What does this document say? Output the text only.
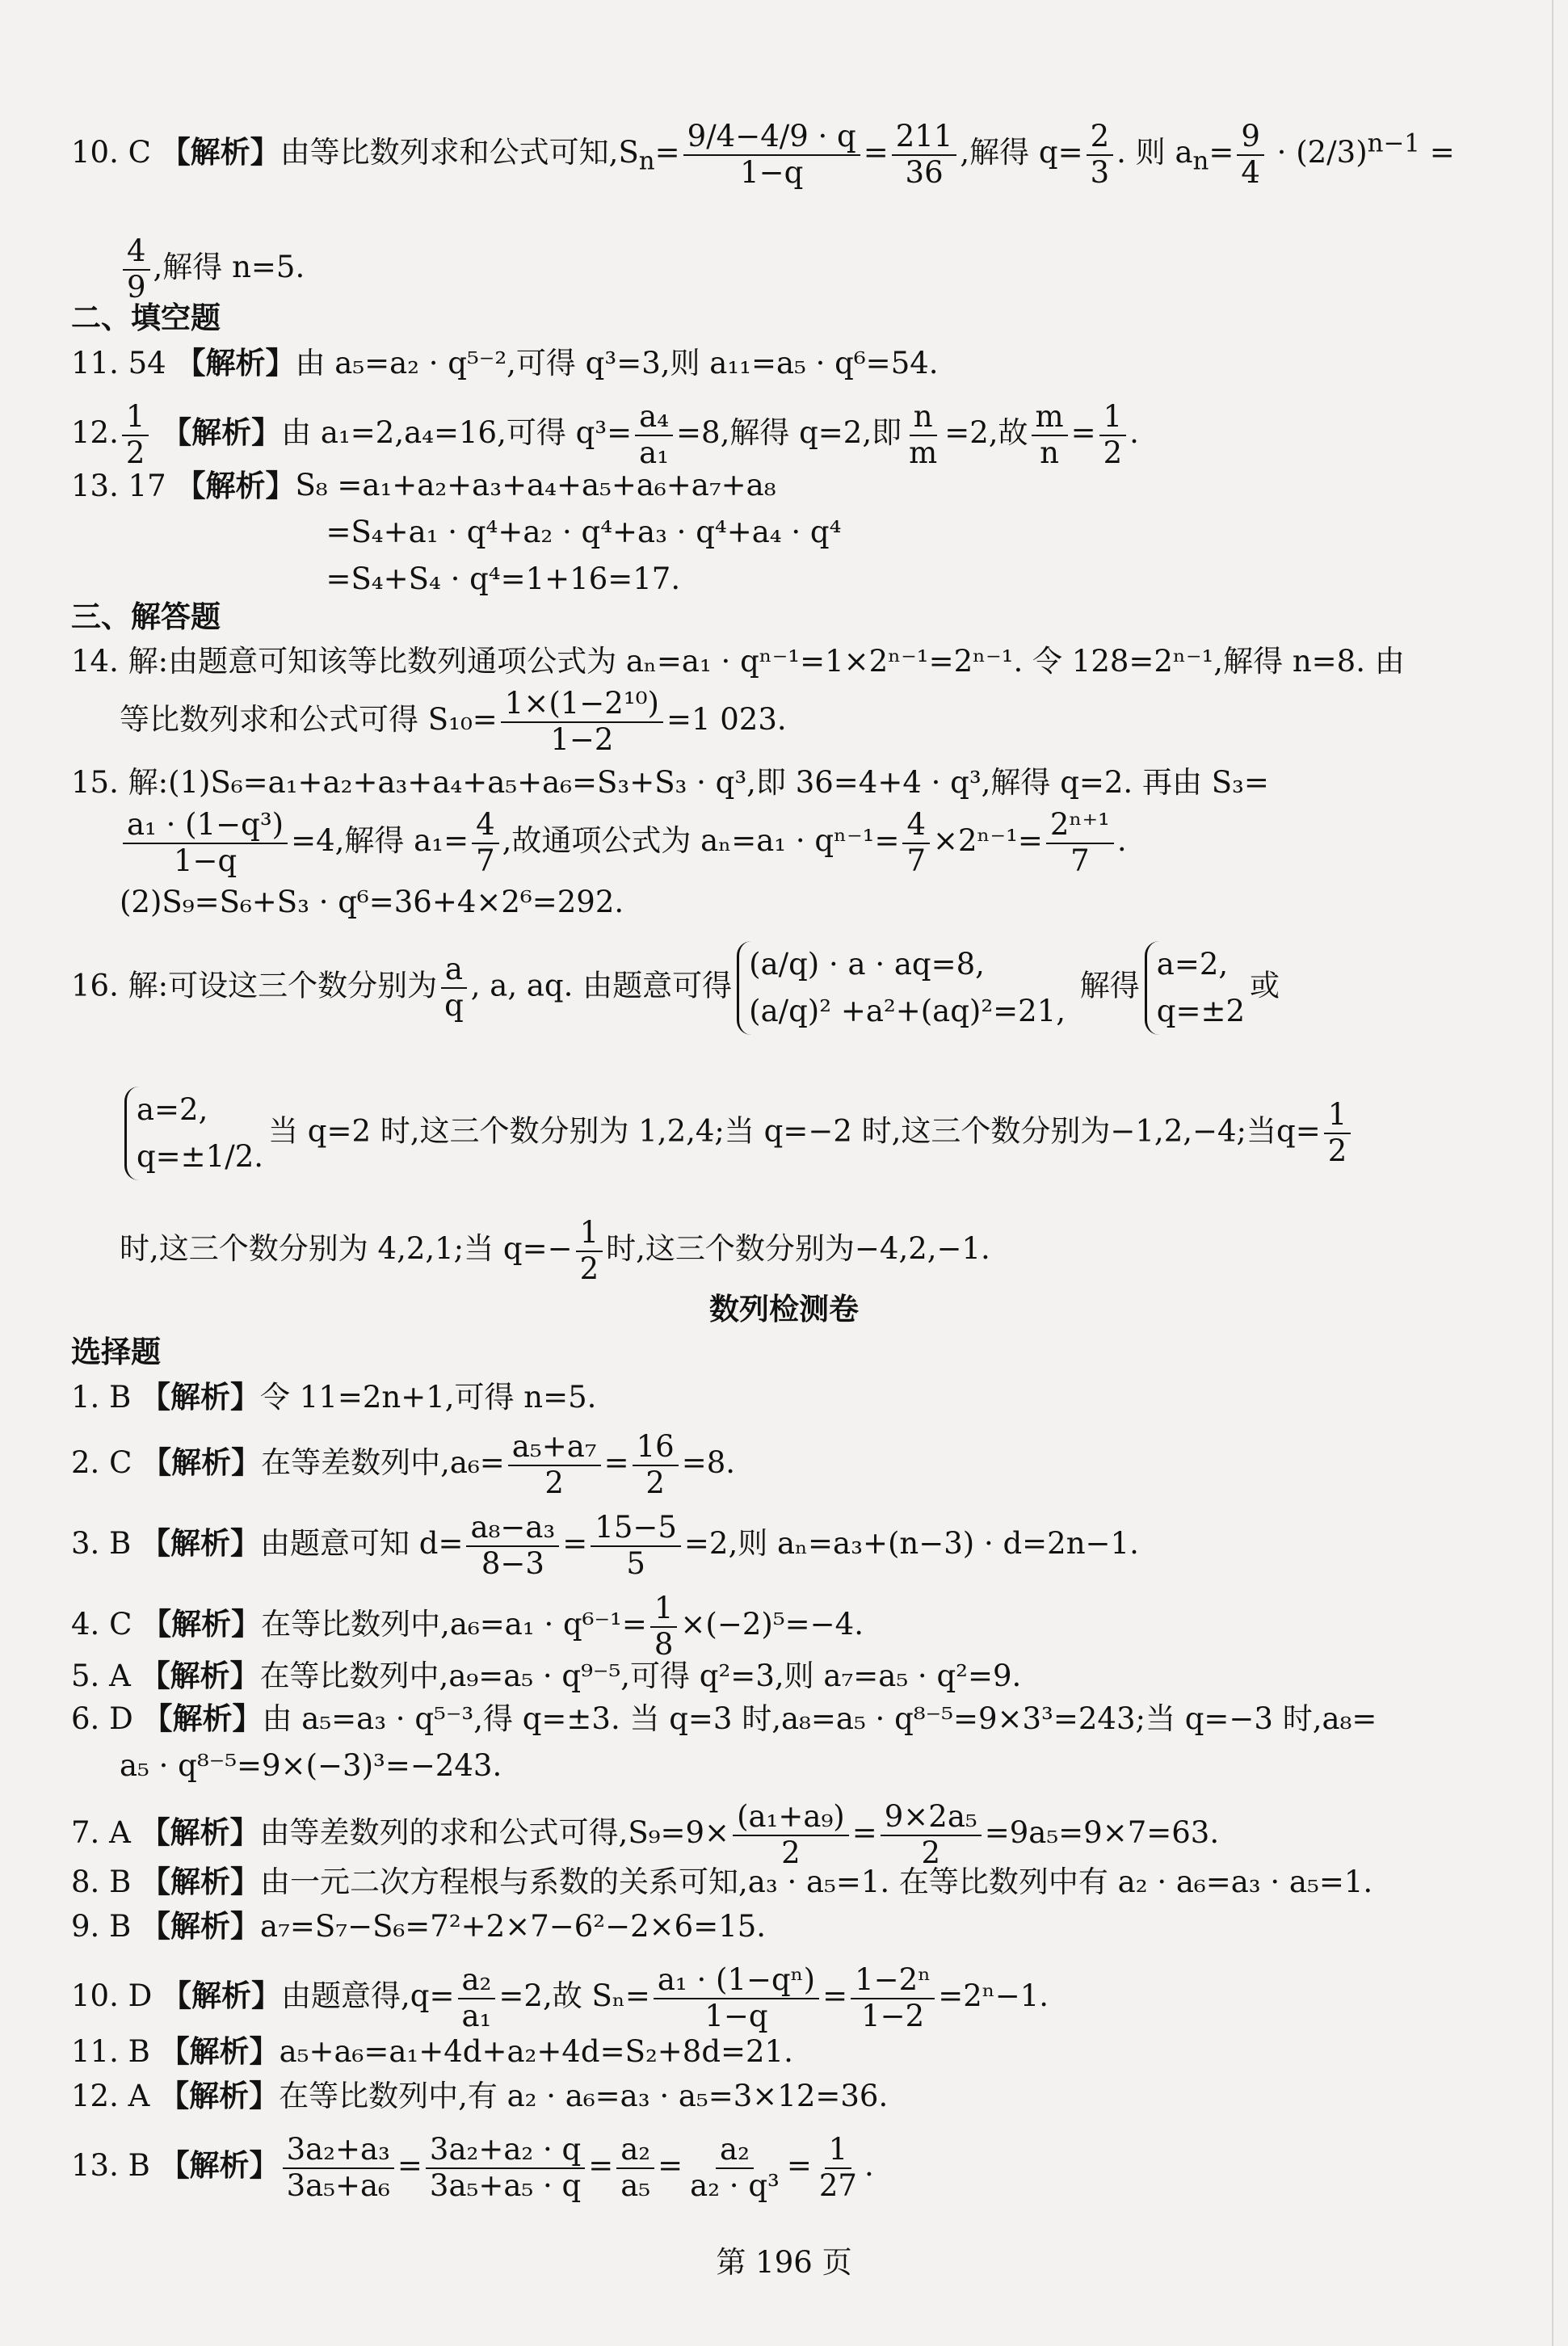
10. C 【解析】由等比数列求和公式可知$,S_n= \frac{9/4-4/9 \cdot q}{1-q} = \frac{211}{36}$ ,解得 $q= \frac{2}{3}$ . 则 $a_n= \frac{9}{4} \cdot (2/3)^{n-1}$ =
$\frac{4}{9}$ ,解得 n=5.
二、填空题
11. 54 【解析】由 a₅=a₂ · q⁵⁻²,可得 q³=3,则 a₁₁=a₅ · q⁶=54.
12. $\frac{1}{2}$ 【解析】由 a₁=2,a₄=16,可得 $q^3= \frac{\text{a₄}}{\text{a₁}} =8$,解得 q=2,即 $\frac{n}{m} =2$,故 $\frac{m}{n} = \frac{1}{2}$ .
13. 17 【解析】S₈ =a₁+a₂+a₃+a₄+a₅+a₆+a₇+a₈
=S₄+a₁ · q⁴+a₂ · q⁴+a₃ · q⁴+a₄ · q⁴
=S₄+S₄ · q⁴=1+16=17.
三、解答题
14. 解:由题意可知该等比数列通项公式为 aₙ=a₁ · qⁿ⁻¹=1×2ⁿ⁻¹=2ⁿ⁻¹. 令 128=2ⁿ⁻¹,解得 n=8. 由
等比数列求和公式可得 $S_{10}= \frac{\text{1×(1−2¹⁰)}}{1-2} =1$ 023.
15. 解:(1)S₆=a₁+a₂+a₃+a₄+a₅+a₆=S₃+S₃ · q³,即 36=4+4 · q³,解得 q=2. 再由 S₃=
$\frac{\text{a₁ · (1−q³)}}{1-q} =4$,解得 $a_1= \frac{4}{7}$ ,故通项公式为 $a_n=a_1 \cdot q^{n-1}= \frac{4}{7} \times 2^{n-1}= \frac{\text{2ⁿ⁺¹}}{7}$ .
(2)S₉=S₆+S₃ · q⁶=36+4×2⁶=292.
16. 解:可设这三个数分别为 $\frac{a}{q}$ , a, aq. 由题意可得(a/q) · a · aq=8,
(a/q)² +a²+(aq)²=21, 解得a=2,
q=±2或
a=2,
q=±1/2.当 q=2 时,这三个数分别为 1,2,4;当 q=−2 时,这三个数分别为−1,2,−4;当$q= \frac{1}{2}$
时,这三个数分别为 4,2,1;当 $q=- \frac{1}{2}$ 时,这三个数分别为−4,2,−1.
数列检测卷
选择题
1. B 【解析】令 11=2n+1,可得 n=5.
2. C 【解析】在等差数列中$,a_6= \frac{\text{a₅+a₇}}{2} = \frac{16}{2} =8$.
3. B 【解析】由题意可知 $d= \frac{\text{a₈−a₃}}{8-3} = \frac{15-5}{5} =2$,则 aₙ=a₃+(n−3) · d=2n−1.
4. C 【解析】在等比数列中$,a_6=a_1 \cdot q^{6-1}= \frac{1}{8} \times(-2)^5=-4$.
5. A 【解析】在等比数列中,a₉=a₅ · q⁹⁻⁵,可得 q²=3,则 a₇=a₅ · q²=9.
6. D 【解析】由 a₅=a₃ · q⁵⁻³,得 q=±3. 当 q=3 时,a₈=a₅ · q⁸⁻⁵=9×3³=243;当 q=−3 时,a₈=
a₅ · q⁸⁻⁵=9×(−3)³=−243.
7. A 【解析】由等差数列的求和公式可得$,S_9=9\times \frac{\text{(a₁+a₉)}}{2} = \frac{\text{9×2a₅}}{2} =9a_5=9\times 7=63$.
8. B 【解析】由一元二次方程根与系数的关系可知,a₃ · a₅=1. 在等比数列中有 a₂ · a₆=a₃ · a₅=1.
9. B 【解析】a₇=S₇−S₆=7²+2×7−6²−2×6=15.
10. D 【解析】由题意得$,q= \frac{\text{a₂}}{\text{a₁}} =2$,故 $S_n= \frac{\text{a₁ · (1−qⁿ)}}{1-q} = \frac{\text{1−2ⁿ}}{1-2} =2^n-1$.
11. B 【解析】a₅+a₆=a₁+4d+a₂+4d=S₂+8d=21.
12. A 【解析】在等比数列中,有 a₂ · a₆=a₃ · a₅=3×12=36.
13. B 【解析】 $\frac{\text{3a₂+a₃}}{\text{3a₅+a₆}} = \frac{\text{3a₂+a₂ · q}}{\text{3a₅+a₅ · q}} = \frac{\text{a₂}}{\text{a₅}} = \frac{\text{a₂}}{\text{a₂ · q³}} = \frac{1}{27}$ .
第 196 页
